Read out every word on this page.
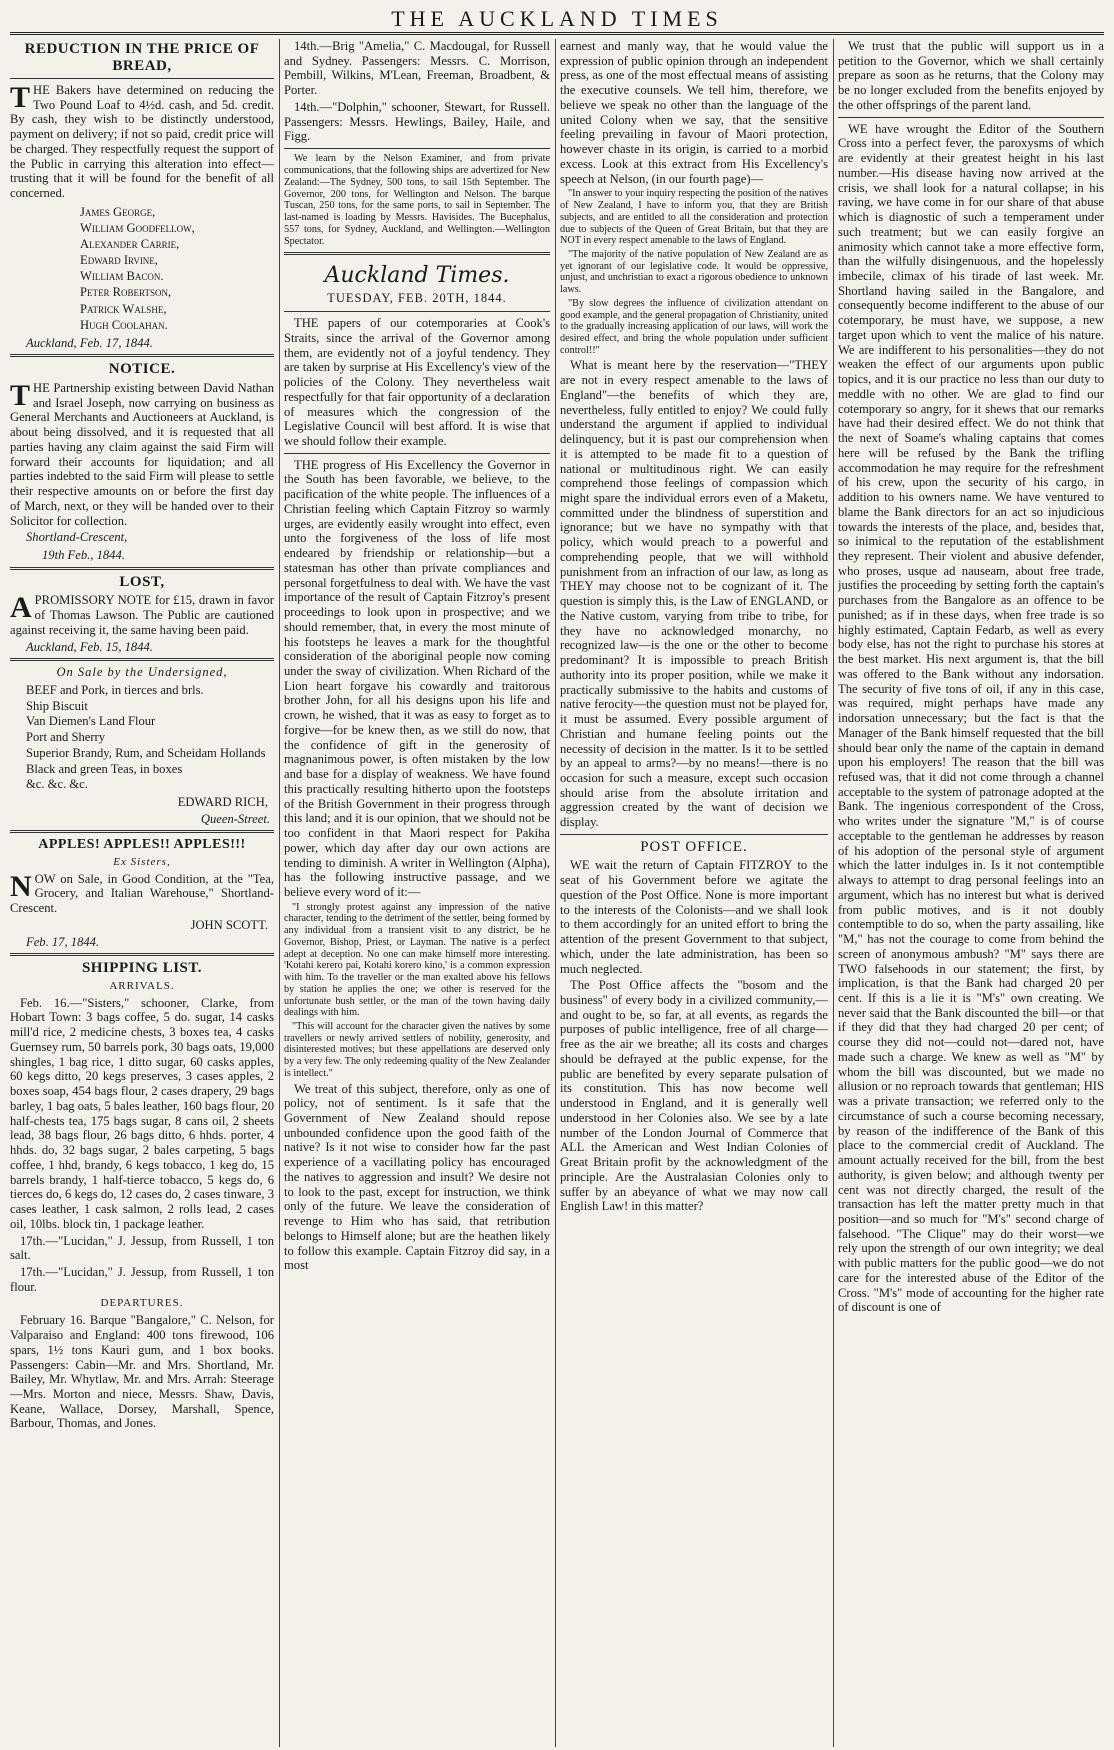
THE AUCKLAND TIMES
REDUCTION IN THE PRICE OF BREAD,

THE Bakers have determined on reducing the Two Pound Loaf to 4½d. cash, and 5d. credit. By cash, they wish to be distinctly understood, payment on delivery; if not so paid, credit price will be charged. They respectfully request the support of the Public in carrying this alteration into effect—trusting that it will be found for the benefit of all concerned.

James George,
William Goodfellow,
Alexander Carrie,
Edward Irvine,
William Bacon.
Peter Robertson,
Patrick Walshe,
Hugh Coolahan.
Auckland, Feb. 17, 1844.
NOTICE.

THE Partnership existing between David Nathan and Israel Joseph, now carrying on business as General Merchants and Auctioneers at Auckland, is about being dissolved, and it is requested that all parties having any claim against the said Firm will forward their accounts for liquidation; and all parties indebted to the said Firm will please to settle their respective amounts on or before the first day of March, next, or they will be handed over to their Solicitor for collection.

Shortland-Crescent,
19th Feb., 1844.
LOST,

APROMISSORY NOTE for £15, drawn in favor of Thomas Lawson. The Public are cautioned against receiving it, the same having been paid.

Auckland, Feb. 15, 1844.
On Sale by the Undersigned,
BEEF and Pork, in tierces and brls.
Ship Biscuit
Van Diemen's Land Flour
Port and Sherry
Superior Brandy, Rum, and Scheidam Hollands
Black and green Teas, in boxes
&c. &c. &c.
EDWARD RICH,
Queen-Street.
APPLES! APPLES!! APPLES!!!
Ex Sisters,

NOW on Sale, in Good Condition, at the "Tea, Grocery, and Italian Warehouse," Shortland-Crescent.

JOHN SCOTT.
Feb. 17, 1844.
SHIPPING LIST.
ARRIVALS.

Feb. 16.—"Sisters," schooner, Clarke, from Hobart Town: 3 bags coffee, 5 do. sugar, 14 casks mill'd rice, 2 medicine chests, 3 boxes tea, 4 casks Guernsey rum, 50 barrels pork, 30 bags oats, 19,000 shingles, 1 bag rice, 1 ditto sugar, 60 casks apples, 60 kegs ditto, 20 kegs preserves, 3 cases apples, 2 boxes soap, 454 bags flour, 2 cases drapery, 29 bags barley, 1 bag oats, 5 bales leather, 160 bags flour, 20 half-chests tea, 175 bags sugar, 8 cans oil, 2 sheets lead, 38 bags flour, 26 bags ditto, 6 hhds. porter, 4 hhds. do, 32 bags sugar, 2 bales carpeting, 5 bags coffee, 1 hhd, brandy, 6 kegs tobacco, 1 keg do, 15 barrels brandy, 1 half-tierce tobacco, 5 kegs do, 6 tierces do, 6 kegs do, 12 cases do, 2 cases tinware, 3 cases leather, 1 cask salmon, 2 rolls lead, 2 cases oil, 10lbs. block tin, 1 package leather.

17th.—"Lucidan," J. Jessup, from Russell, 1 ton salt.

17th.—"Lucidan," J. Jessup, from Russell, 1 ton flour.

DEPARTURES.

February 16. Barque "Bangalore," C. Nelson, for Valparaiso and England: 400 tons firewood, 106 spars, 1½ tons Kauri gum, and 1 box books. Passengers: Cabin—Mr. and Mrs. Shortland, Mr. Bailey, Mr. Whytlaw, Mr. and Mrs. Arrah: Steerage—Mrs. Morton and niece, Messrs. Shaw, Davis, Keane, Wallace, Dorsey, Marshall, Spence, Barbour, Thomas, and Jones.

14th.—Brig "Amelia," C. Macdougal, for Russell and Sydney. Passengers: Messrs. C. Morrison, Pembill, Wilkins, M'Lean, Freeman, Broadbent, & Porter.

14th.—"Dolphin," schooner, Stewart, for Russell. Passengers: Messrs. Hewlings, Bailey, Haile, and Figg.

We learn by the Nelson Examiner, and from private communications, that the following ships are advertized for New Zealand:—The Sydney, 500 tons, to sail 15th September. The Governor, 200 tons, for Wellington and Nelson. The barque Tuscan, 250 tons, for the same ports, to sail in September. The last-named is loading by Messrs. Havisides. The Bucephalus, 557 tons, for Sydney, Auckland, and Wellington.—Wellington Spectator.

Auckland Times.
TUESDAY, FEB. 20TH, 1844.

THE papers of our cotemporaries at Cook's Straits, since the arrival of the Governor among them, are evidently not of a joyful tendency. They are taken by surprise at His Excellency's view of the policies of the Colony. They nevertheless wait respectfully for that fair opportunity of a declaration of measures which the congression of the Legislative Council will best afford. It is wise that we should follow their example.

THE progress of His Excellency the Governor in the South has been favorable, we believe, to the pacification of the white people. The influences of a Christian feeling which Captain Fitzroy so warmly urges, are evidently easily wrought into effect, even unto the forgiveness of the loss of life most endeared by friendship or relationship—but a statesman has other than private compliances and personal forgetfulness to deal with. We have the vast importance of the result of Captain Fitzroy's present proceedings to look upon in prospective; and we should remember, that, in every the most minute of his footsteps he leaves a mark for the thoughtful consideration of the aboriginal people now coming under the sway of civilization. When Richard of the Lion heart forgave his cowardly and traitorous brother John, for all his designs upon his life and crown, he wished, that it was as easy to forget as to forgive—for be knew then, as we still do now, that the confidence of gift in the generosity of magnanimous power, is often mistaken by the low and base for a display of weakness. We have found this practically resulting hitherto upon the footsteps of the British Government in their progress through this land; and it is our opinion, that we should not be too confident in that Maori respect for Pakiha power, which day after day our own actions are tending to diminish. A writer in Wellington (Alpha), has the following instructive passage, and we believe every word of it:—

"I strongly protest against any impression of the native character, tending to the detriment of the settler, being formed by any individual from a transient visit to any district, be he Governor, Bishop, Priest, or Layman. The native is a perfect adept at deception. No one can make himself more interesting. 'Kotahi kerero pai, Kotahi korero kino,' is a common expression with him. To the traveller or the man exalted above his fellows by station he applies the one; we other is reserved for the unfortunate bush settler, or the man of the town having daily dealings with him.

"This will account for the character given the natives by some travellers or newly arrived settlers of nobility, generosity, and disinterested motives; but these appellations are deserved only by a very few. The only redeeming quality of the New Zealander is intellect."

We treat of this subject, therefore, only as one of policy, not of sentiment. Is it safe that the Government of New Zealand should repose unbounded confidence upon the good faith of the native? Is it not wise to consider how far the past experience of a vacillating policy has encouraged the natives to aggression and insult? We desire not to look to the past, except for instruction, we think only of the future. We leave the consideration of revenge to Him who has said, that retribution belongs to Himself alone; but are the heathen likely to follow this example. Captain Fitzroy did say, in a most

earnest and manly way, that he would value the expression of public opinion through an independent press, as one of the most effectual means of assisting the executive counsels. We tell him, therefore, we believe we speak no other than the language of the united Colony when we say, that the sensitive feeling prevailing in favour of Maori protection, however chaste in its origin, is carried to a morbid excess. Look at this extract from His Excellency's speech at Nelson, (in our fourth page)—

"In answer to your inquiry respecting the position of the natives of New Zealand, I have to inform you, that they are British subjects, and are entitled to all the consideration and protection due to subjects of the Queen of Great Britain, but that they are NOT in every respect amenable to the laws of England.

"The majority of the native population of New Zealand are as yet ignorant of our legislative code. It would be oppressive, unjust, and unchristian to exact a rigorous obedience to unknown laws.

"By slow degrees the influence of civilization attendant on good example, and the general propagation of Christianity, united to the gradually increasing application of our laws, will work the desired effect, and bring the whole population under sufficient control!!"

What is meant here by the reservation—"THEY are not in every respect amenable to the laws of England"—the benefits of which they are, nevertheless, fully entitled to enjoy? We could fully understand the argument if applied to individual delinquency, but it is past our comprehension when it is attempted to be made fit to a question of national or multitudinous right. We can easily comprehend those feelings of compassion which might spare the individual errors even of a Maketu, committed under the blindness of superstition and ignorance; but we have no sympathy with that policy, which would preach to a powerful and comprehending people, that we will withhold punishment from an infraction of our law, as long as THEY may choose not to be cognizant of it. The question is simply this, is the Law of ENGLAND, or the Native custom, varying from tribe to tribe, for they have no acknowledged monarchy, no recognized law—is the one or the other to become predominant? It is impossible to preach British authority into its proper position, while we make it practically submissive to the habits and customs of native ferocity—the question must not be played for, it must be assumed. Every possible argument of Christian and humane feeling points out the necessity of decision in the matter. Is it to be settled by an appeal to arms?—by no means!—there is no occasion for such a measure, except such occasion should arise from the absolute irritation and aggression created by the want of decision we display.

POST OFFICE.

WE wait the return of Captain FITZROY to the seat of his Government before we agitate the question of the Post Office. None is more important to the interests of the Colonists—and we shall look to them accordingly for an united effort to bring the attention of the present Government to that subject, which, under the late administration, has been so much neglected.

The Post Office affects the "bosom and the business" of every body in a civilized community,—and ought to be, so far, at all events, as regards the purposes of public intelligence, free of all charge—free as the air we breathe; all its costs and charges should be defrayed at the public expense, for the public are benefited by every separate pulsation of its constitution. This has now become well understood in England, and it is generally well understood in her Colonies also. We see by a late number of the London Journal of Commerce that ALL the American and West Indian Colonies of Great Britain profit by the acknowledgment of the principle. Are the Australasian Colonies only to suffer by an abeyance of what we may now call English Law! in this matter?

We trust that the public will support us in a petition to the Governor, which we shall certainly prepare as soon as he returns, that the Colony may be no longer excluded from the benefits enjoyed by the other offsprings of the parent land.

WE have wrought the Editor of the Southern Cross into a perfect fever, the paroxysms of which are evidently at their greatest height in his last number.—His disease having now arrived at the crisis, we shall look for a natural collapse; in his raving, we have come in for our share of that abuse which is diagnostic of such a temperament under such treatment; but we can easily forgive an animosity which cannot take a more effective form, than the wilfully disingenuous, and the hopelessly imbecile, climax of his tirade of last week. Mr. Shortland having sailed in the Bangalore, and consequently become indifferent to the abuse of our cotemporary, he must have, we suppose, a new target upon which to vent the malice of his nature. We are indifferent to his personalities—they do not weaken the effect of our arguments upon public topics, and it is our practice no less than our duty to meddle with no other. We are glad to find our cotemporary so angry, for it shews that our remarks have had their desired effect. We do not think that the next of Soame's whaling captains that comes here will be refused by the Bank the trifling accommodation he may require for the refreshment of his crew, upon the security of his cargo, in addition to his owners name. We have ventured to blame the Bank directors for an act so injudicious towards the interests of the place, and, besides that, so inimical to the reputation of the establishment they represent. Their violent and abusive defender, who proses, usque ad nauseam, about free trade, justifies the proceeding by setting forth the captain's purchases from the Bangalore as an offence to be punished; as if in these days, when free trade is so highly estimated, Captain Fedarb, as well as every body else, has not the right to purchase his stores at the best market. His next argument is, that the bill was offered to the Bank without any indorsation. The security of five tons of oil, if any in this case, was required, might perhaps have made any indorsation unnecessary; but the fact is that the Manager of the Bank himself requested that the bill should bear only the name of the captain in demand upon his employers! The reason that the bill was refused was, that it did not come through a channel acceptable to the system of patronage adopted at the Bank. The ingenious correspondent of the Cross, who writes under the signature "M," is of course acceptable to the gentleman he addresses by reason of his adoption of the personal style of argument which the latter indulges in. Is it not contemptible always to attempt to drag personal feelings into an argument, which has no interest but what is derived from public motives, and is it not doubly contemptible to do so, when the party assailing, like "M," has not the courage to come from behind the screen of anonymous ambush? "M" says there are TWO falsehoods in our statement; the first, by implication, is that the Bank had charged 20 per cent. If this is a lie it is "M's" own creating. We never said that the Bank discounted the bill—or that if they did that they had charged 20 per cent; of course they did not—could not—dared not, have made such a charge. We knew as well as "M" by whom the bill was discounted, but we made no allusion or no reproach towards that gentleman; HIS was a private transaction; we referred only to the circumstance of such a course becoming necessary, by reason of the indifference of the Bank of this place to the commercial credit of Auckland. The amount actually received for the bill, from the best authority, is given below; and although twenty per cent was not directly charged, the result of the transaction has left the matter pretty much in that position—and so much for "M's" second charge of falsehood. "The Clique" may do their worst—we rely upon the strength of our own integrity; we deal with public matters for the public good—we do not care for the interested abuse of the Editor of the Cross. "M's" mode of accounting for the higher rate of discount is one of
